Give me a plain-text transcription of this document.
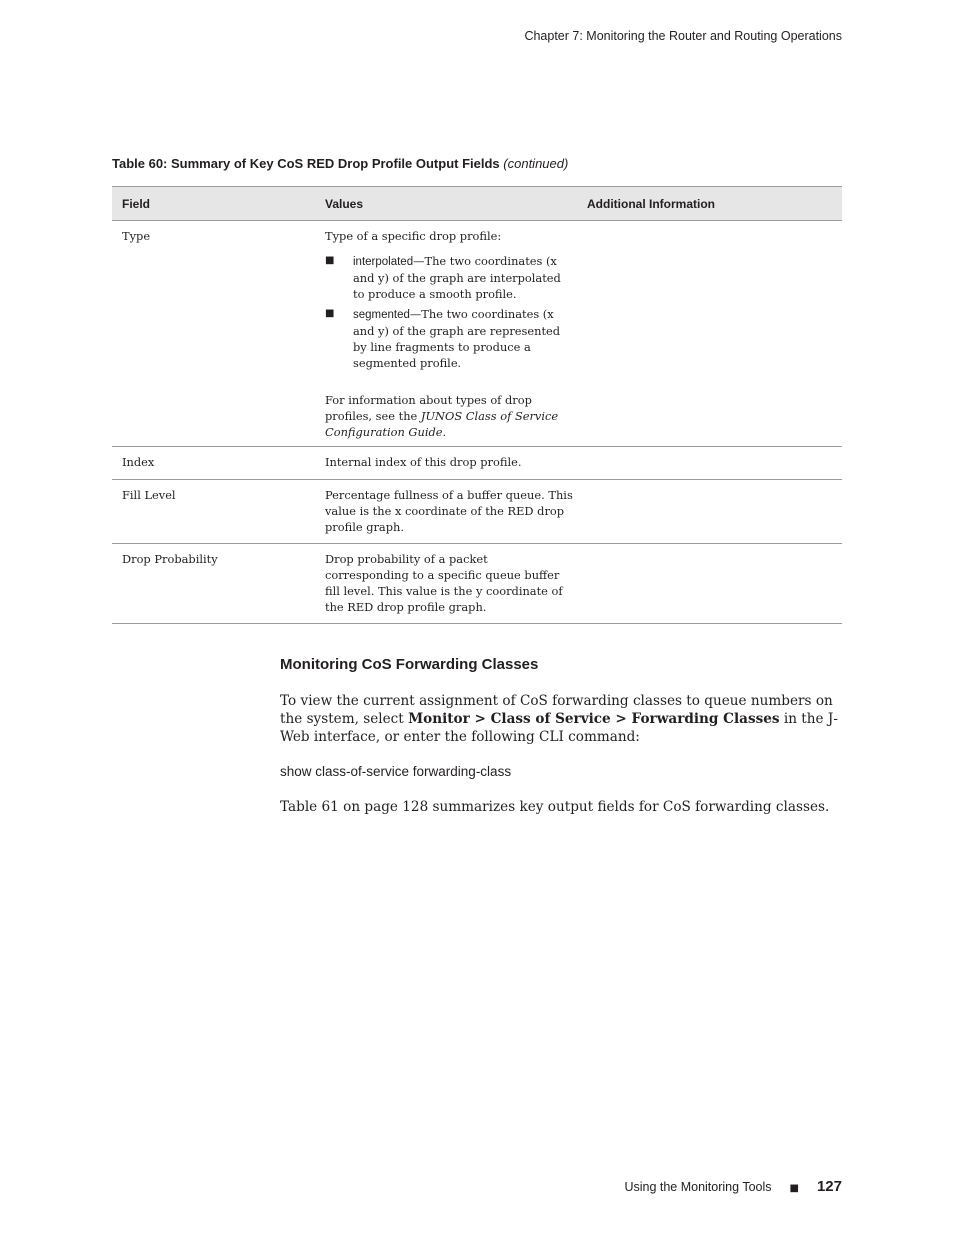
Chapter 7: Monitoring the Router and Routing Operations
Table 60: Summary of Key CoS RED Drop Profile Output Fields (continued)
Field	Values	Additional Information
Type	Type of a specific drop profile:

■	interpolated—The two coordinates (x and y) of the graph are interpolated to produce a smooth profile.
■	segmented—The two coordinates (x and y) of the graph are represented by line fragments to produce a segmented profile.

For information about types of drop profiles, see the JUNOS Class of Service Configuration Guide.

Index	Internal index of this drop profile.
Fill Level	Percentage fullness of a buffer queue. This value is the x coordinate of the RED drop profile graph.
Drop Probability	Drop probability of a packet corresponding to a specific queue buffer fill level. This value is the y coordinate of the RED drop profile graph.
Monitoring CoS Forwarding Classes
To view the current assignment of CoS forwarding classes to queue numbers on the system, select Monitor > Class of Service > Forwarding Classes in the J-Web interface, or enter the following CLI command:
show class-of-service forwarding-class
Table 61 on page 128 summarizes key output fields for CoS forwarding classes.
Using the Monitoring Tools ■ 127
